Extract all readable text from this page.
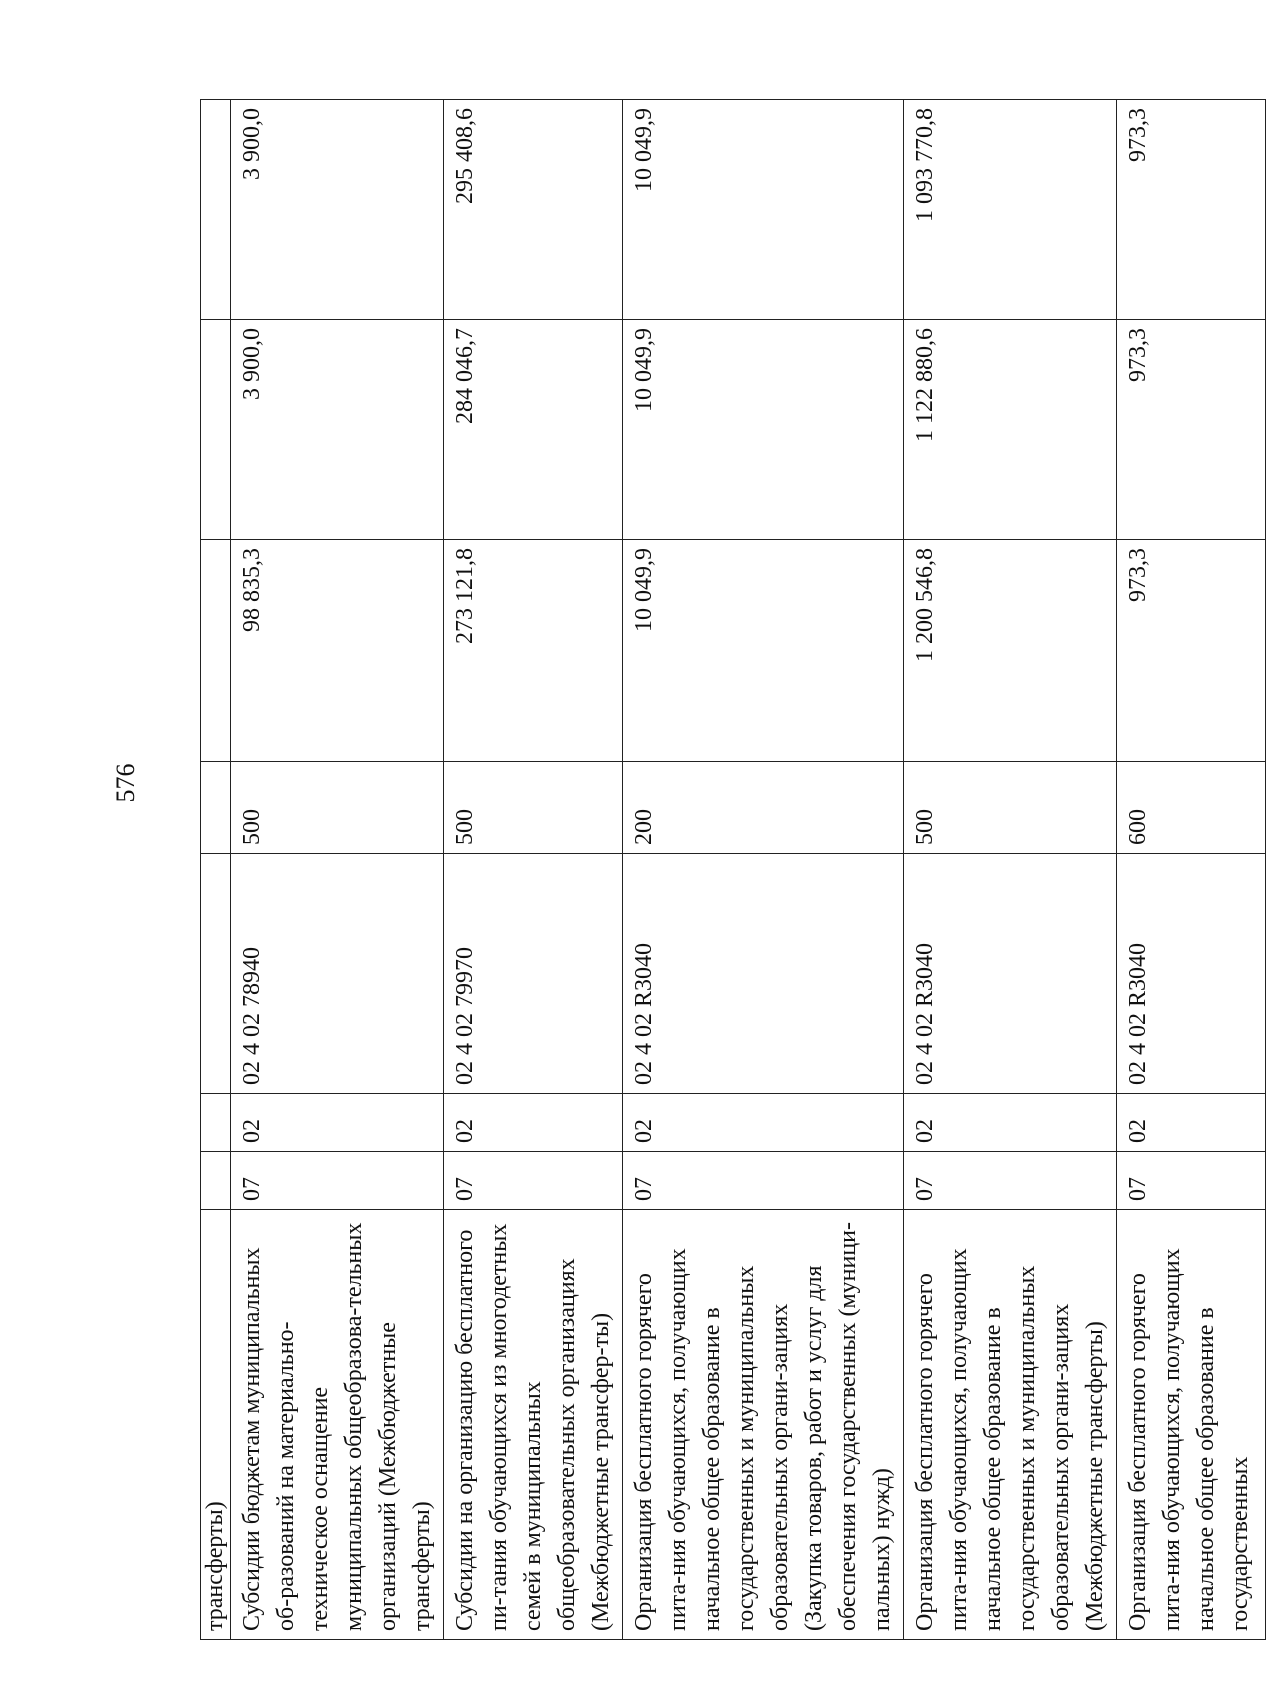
576
трансферты)							
Субсидии бюджетам муниципальных об-разований на материально-техническое оснащение муниципальных общеобразова-тельных организаций (Межбюджетные трансферты)	07	02	02 4 02 78940	500	98 835,3	3 900,0	3 900,0
Субсидии на организацию бесплатного пи-тания обучающихся из многодетных семей в муниципальных общеобразовательных организациях (Межбюджетные трансфер-ты)	07	02	02 4 02 79970	500	273 121,8	284 046,7	295 408,6
Организация бесплатного горячего пита-ния обучающихся, получающих начальное общее образование в государственных и муниципальных образовательных органи-зациях (Закупка товаров, работ и услуг для обеспечения государственных (муници-пальных) нужд)	07	02	02 4 02 R3040	200	10 049,9	10 049,9	10 049,9
Организация бесплатного горячего пита-ния обучающихся, получающих начальное общее образование в государственных и муниципальных образовательных органи-зациях (Межбюджетные трансферты)	07	02	02 4 02 R3040	500	1 200 546,8	1 122 880,6	1 093 770,8
Организация бесплатного горячего пита-ния обучающихся, получающих начальное общее образование в государственных	07	02	02 4 02 R3040	600	973,3	973,3	973,3
